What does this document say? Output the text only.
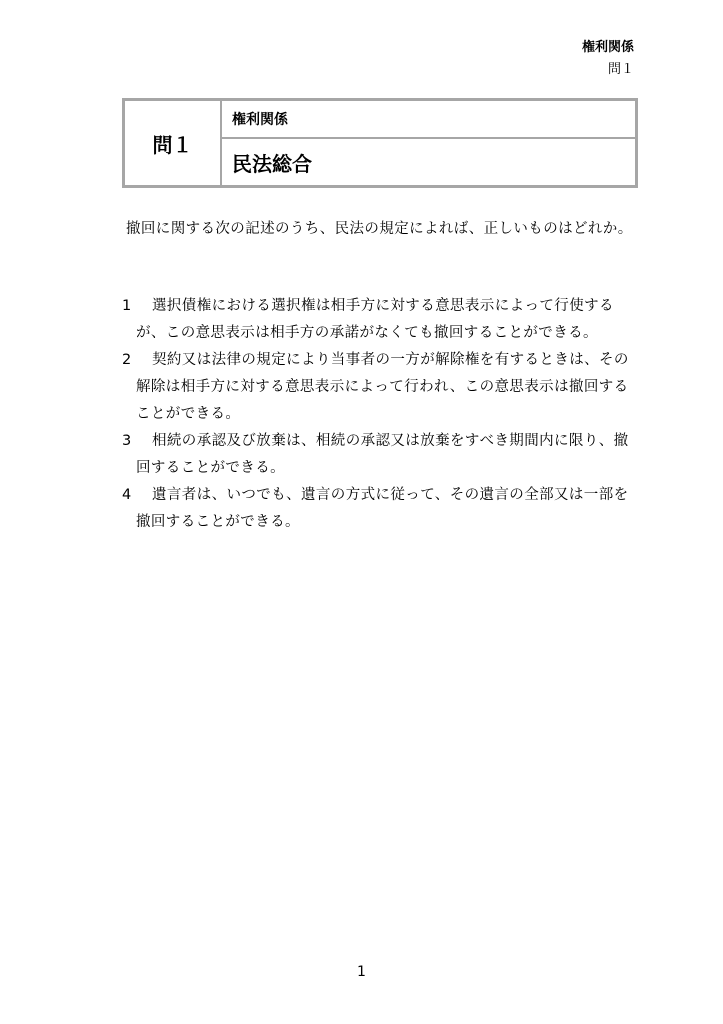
権利関係
問１
問１
権利関係
民法総合
撤回に関する次の記述のうち、民法の規定によれば、正しいものはどれか。
1	選択債権における選択権は相手方に対する意思表示によって行使するが、この意思表示は相手方の承諾がなくても撤回することができる。
2	契約又は法律の規定により当事者の一方が解除権を有するときは、その解除は相手方に対する意思表示によって行われ、この意思表示は撤回することができる。
3	相続の承認及び放棄は、相続の承認又は放棄をすべき期間内に限り、撤回することができる。
4	遺言者は、いつでも、遺言の方式に従って、その遺言の全部又は一部を撤回することができる。
1
